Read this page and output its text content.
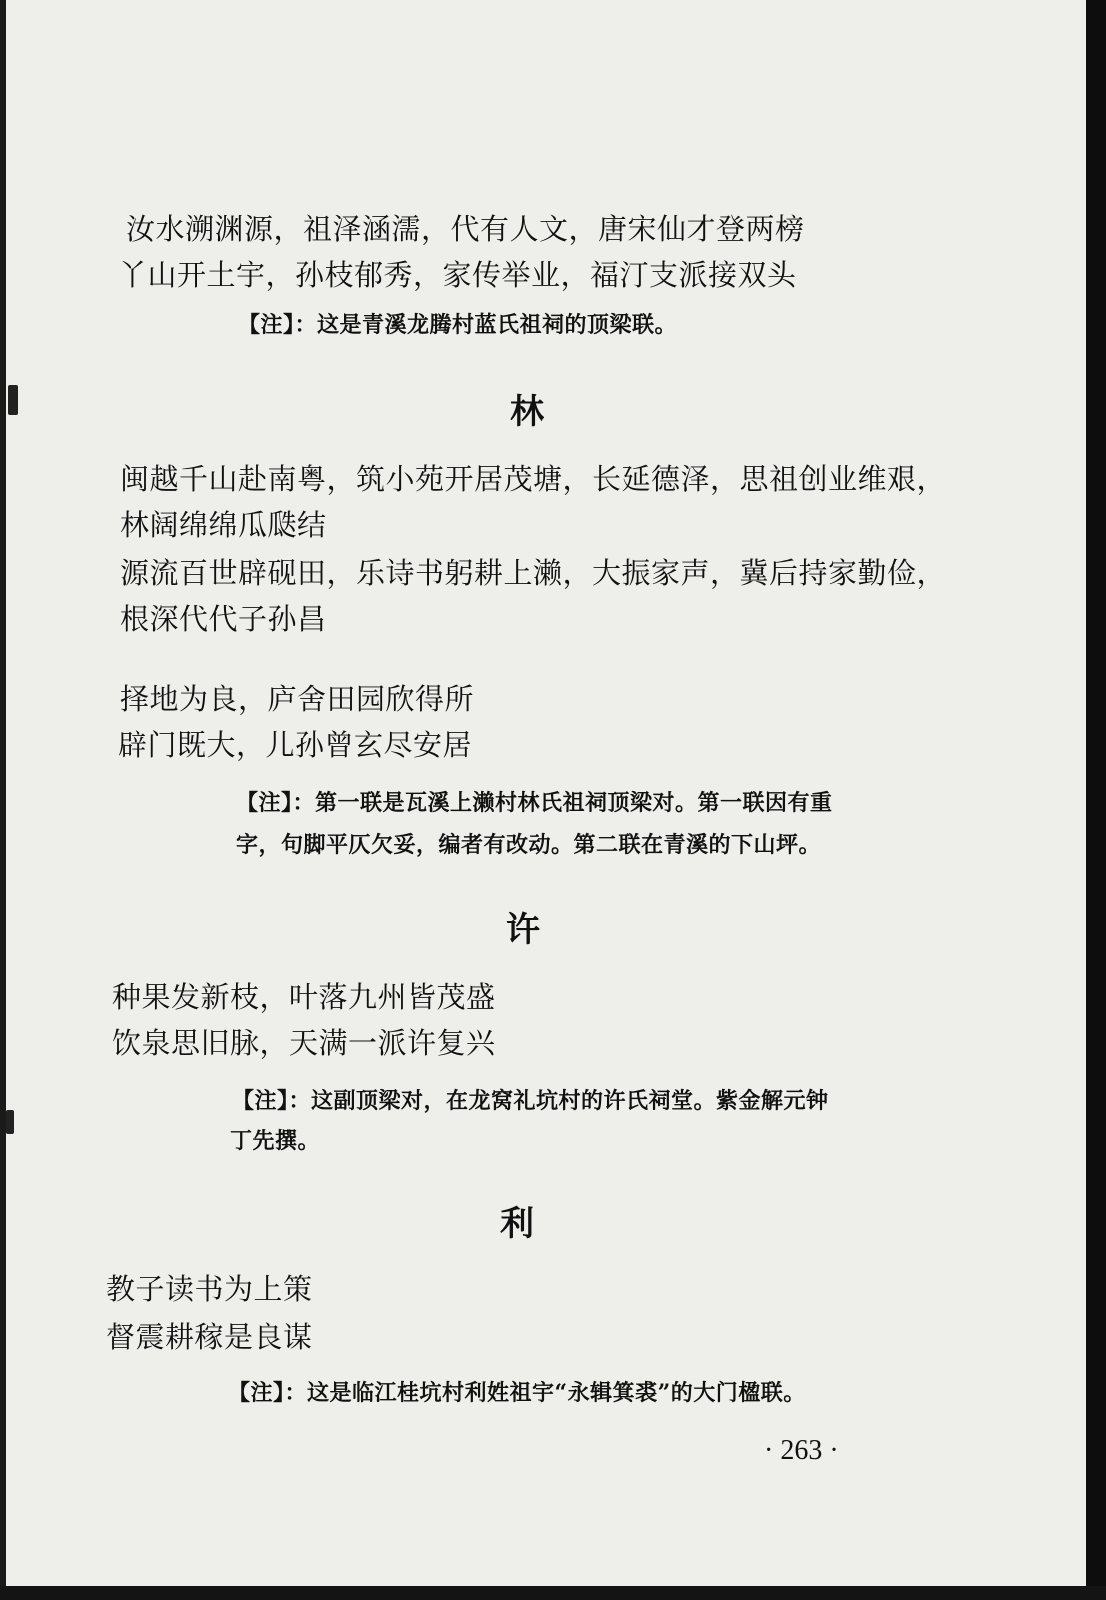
汝水溯渊源，祖泽涵濡，代有人文，唐宋仙才登两榜
丫山开土宇，孙枝郁秀，家传举业，福汀支派接双头
【注】：这是青溪龙腾村蓝氏祖祠的顶梁联。
林
闽越千山赴南粤，筑小苑开居茂塘，长延德泽，思祖创业维艰，
林阔绵绵瓜瓞结
源流百世辟砚田，乐诗书躬耕上濑，大振家声，冀后持家勤俭，
根深代代子孙昌
择地为良，庐舍田园欣得所
辟门既大，儿孙曾玄尽安居
【注】：第一联是瓦溪上濑村林氏祖祠顶梁对。第一联因有重
字，句脚平仄欠妥，编者有改动。第二联在青溪的下山坪。
许
种果发新枝，叶落九州皆茂盛
饮泉思旧脉，天满一派许复兴
【注】：这副顶梁对，在龙窝礼坑村的许氏祠堂。紫金解元钟
丁先撰。
利
教子读书为上策
督震耕稼是良谋
【注】：这是临江桂坑村利姓祖宇“永辑箕裘”的大门楹联。
· 263 ·
